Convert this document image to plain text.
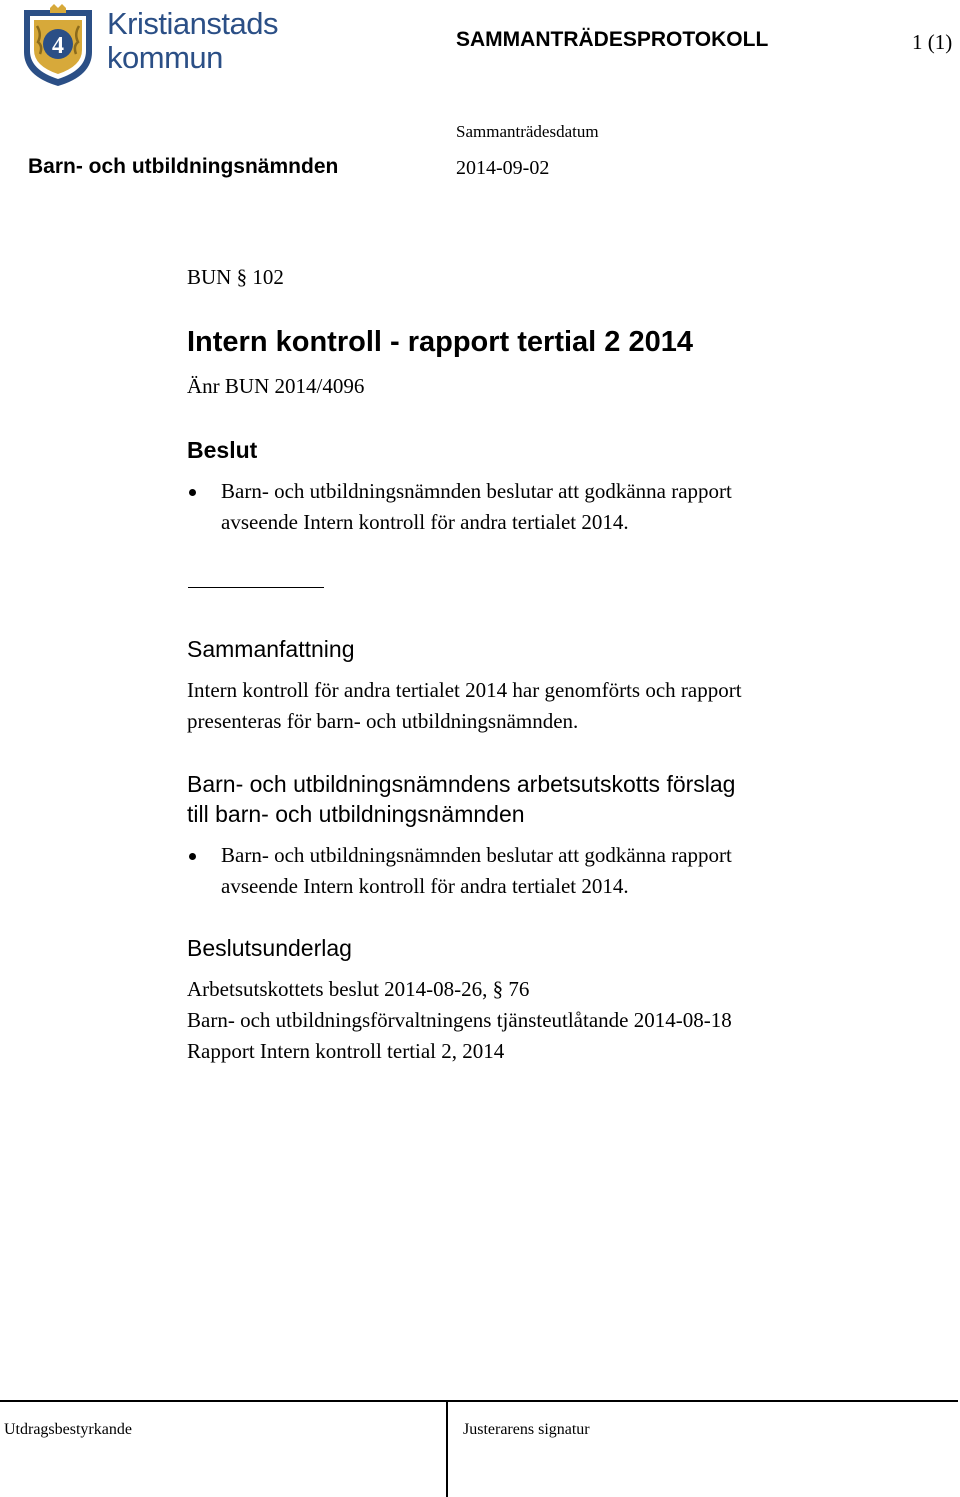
4
Kristianstads
kommun
SAMMANTRÄDESPROTOKOLL	1 (1)
Sammanträdesdatum
Barn- och utbildningsnämnden	2014-09-02
BUN § 102
Intern kontroll - rapport tertial 2 2014
Änr BUN 2014/4096
Beslut
Barn- och utbildningsnämnden beslutar att godkänna rapport
avseende Intern kontroll för andra tertialet 2014.
Sammanfattning
Intern kontroll för andra tertialet 2014 har genomförts och rapport
presenteras för barn- och utbildningsnämnden.
Barn- och utbildningsnämndens arbetsutskotts förslag
till barn- och utbildningsnämnden
Barn- och utbildningsnämnden beslutar att godkänna rapport
avseende Intern kontroll för andra tertialet 2014.
Beslutsunderlag
Arbetsutskottets beslut 2014-08-26, § 76
Barn- och utbildningsförvaltningens tjänsteutlåtande 2014-08-18
Rapport Intern kontroll tertial 2, 2014
Utdragsbestyrkande	Justerarens signatur
